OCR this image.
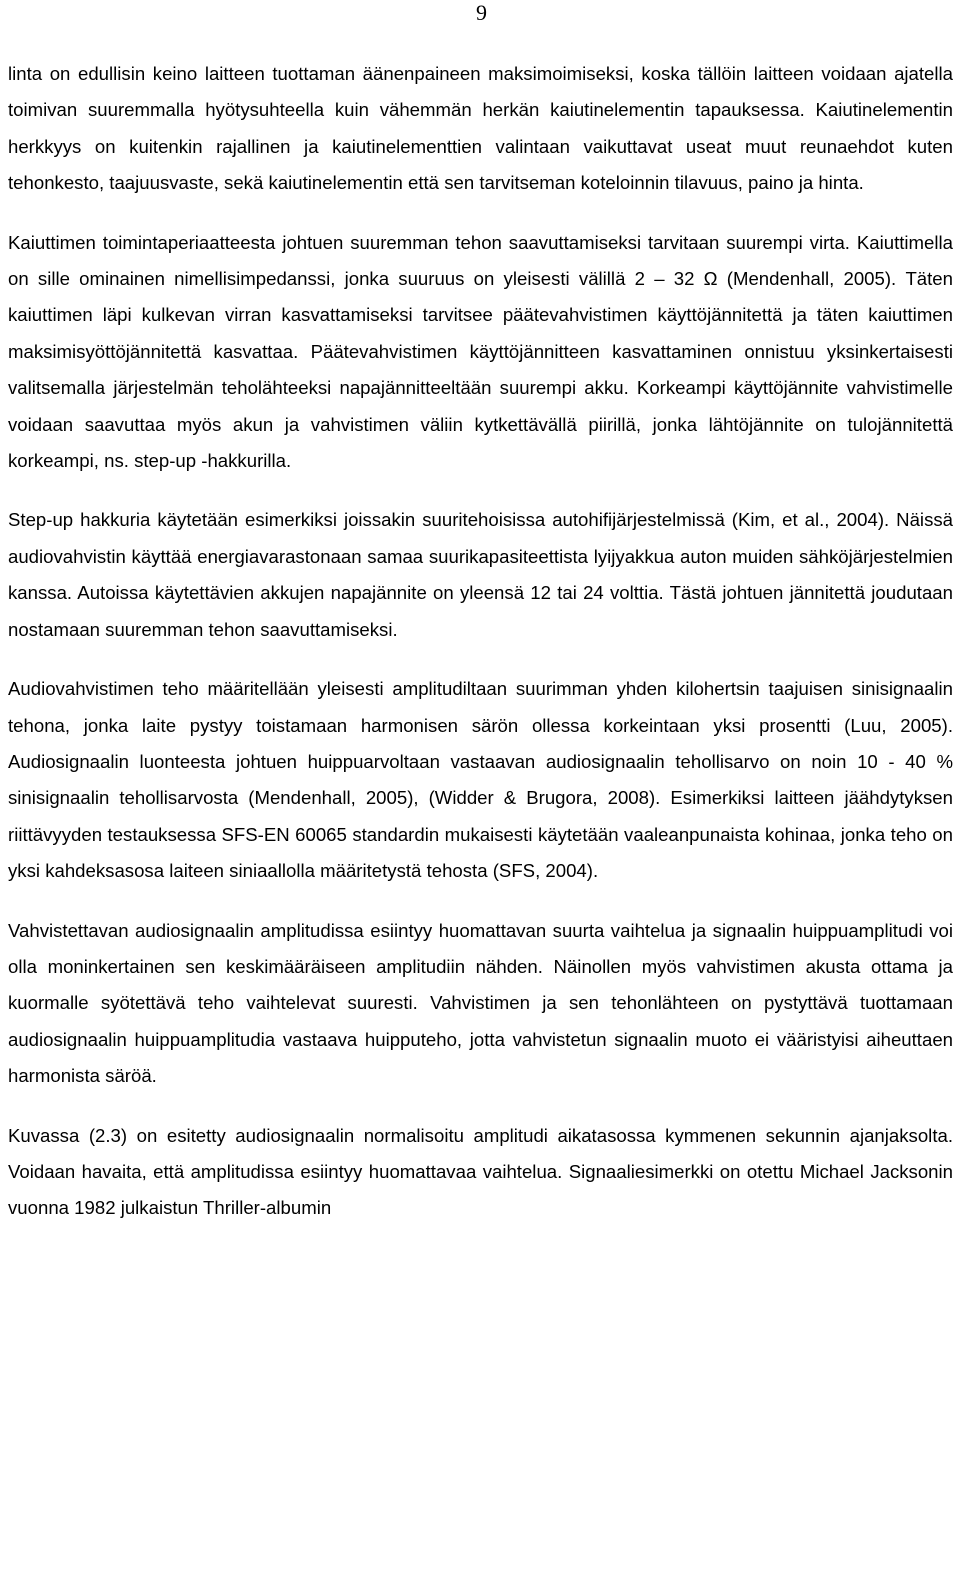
9

linta on edullisin keino laitteen tuottaman äänenpaineen maksimoimiseksi, koska tällöin laitteen voidaan ajatella toimivan suuremmalla hyötysuhteella kuin vähemmän herkän kaiutinelementin tapauksessa. Kaiutinelementin herkkyys on kuitenkin rajallinen ja kaiutinelementtien valintaan vaikuttavat useat muut reunaehdot kuten tehonkesto, taajuusvaste, sekä kaiutinelementin että sen tarvitseman koteloinnin tilavuus, paino ja hinta.

Kaiuttimen toimintaperiaatteesta johtuen suuremman tehon saavuttamiseksi tarvitaan suurempi virta. Kaiuttimella on sille ominainen nimellisimpedanssi, jonka suuruus on yleisesti välillä 2 – 32 Ω (Mendenhall, 2005). Täten kaiuttimen läpi kulkevan virran kasvattamiseksi tarvitsee päätevahvistimen käyttöjännitettä ja täten kaiuttimen maksimisyöttöjännitettä kasvattaa. Päätevahvistimen käyttöjännitteen kasvattaminen onnistuu yksinkertaisesti valitsemalla järjestelmän teholähteeksi napajännitteeltään suurempi akku. Korkeampi käyttöjännite vahvistimelle voidaan saavuttaa myös akun ja vahvistimen väliin kytkettävällä piirillä, jonka lähtöjännite on tulojännitettä korkeampi, ns. step-up -hakkurilla.

Step-up hakkuria käytetään esimerkiksi joissakin suuritehoisissa autohifijärjestelmissä (Kim, et al., 2004). Näissä audiovahvistin käyttää energiavarastonaan samaa suurikapasiteettista lyijyakkua auton muiden sähköjärjestelmien kanssa. Autoissa käytettävien akkujen napajännite on yleensä 12 tai 24 volttia. Tästä johtuen jännitettä joudutaan nostamaan suuremman tehon saavuttamiseksi.

Audiovahvistimen teho määritellään yleisesti amplitudiltaan suurimman yhden kilohertsin taajuisen sinisignaalin tehona, jonka laite pystyy toistamaan harmonisen särön ollessa korkeintaan yksi prosentti (Luu, 2005). Audiosignaalin luonteesta johtuen huippuarvoltaan vastaavan audiosignaalin tehollisarvo on noin 10 - 40 % sinisignaalin tehollisarvosta (Mendenhall, 2005), (Widder & Brugora, 2008). Esimerkiksi laitteen jäähdytyksen riittävyyden testauksessa SFS-EN 60065 standardin mukaisesti käytetään vaaleanpunaista kohinaa, jonka teho on yksi kahdeksasosa laiteen siniaallolla määritetystä tehosta (SFS, 2004).

Vahvistettavan audiosignaalin amplitudissa esiintyy huomattavan suurta vaihtelua ja signaalin huippuamplitudi voi olla moninkertainen sen keskimääräiseen amplitudiin nähden. Näinollen myös vahvistimen akusta ottama ja kuormalle syötettävä teho vaihtelevat suuresti. Vahvistimen ja sen tehonlähteen on pystyttävä tuottamaan audiosignaalin huippuamplitudia vastaava huipputeho, jotta vahvistetun signaalin muoto ei vääristyisi aiheuttaen harmonista säröä.

Kuvassa (2.3) on esitetty audiosignaalin normalisoitu amplitudi aikatasossa kymmenen sekunnin ajanjaksolta. Voidaan havaita, että amplitudissa esiintyy huomattavaa vaihtelua. Signaaliesimerkki on otettu Michael Jacksonin vuonna 1982 julkaistun Thriller-albumin
